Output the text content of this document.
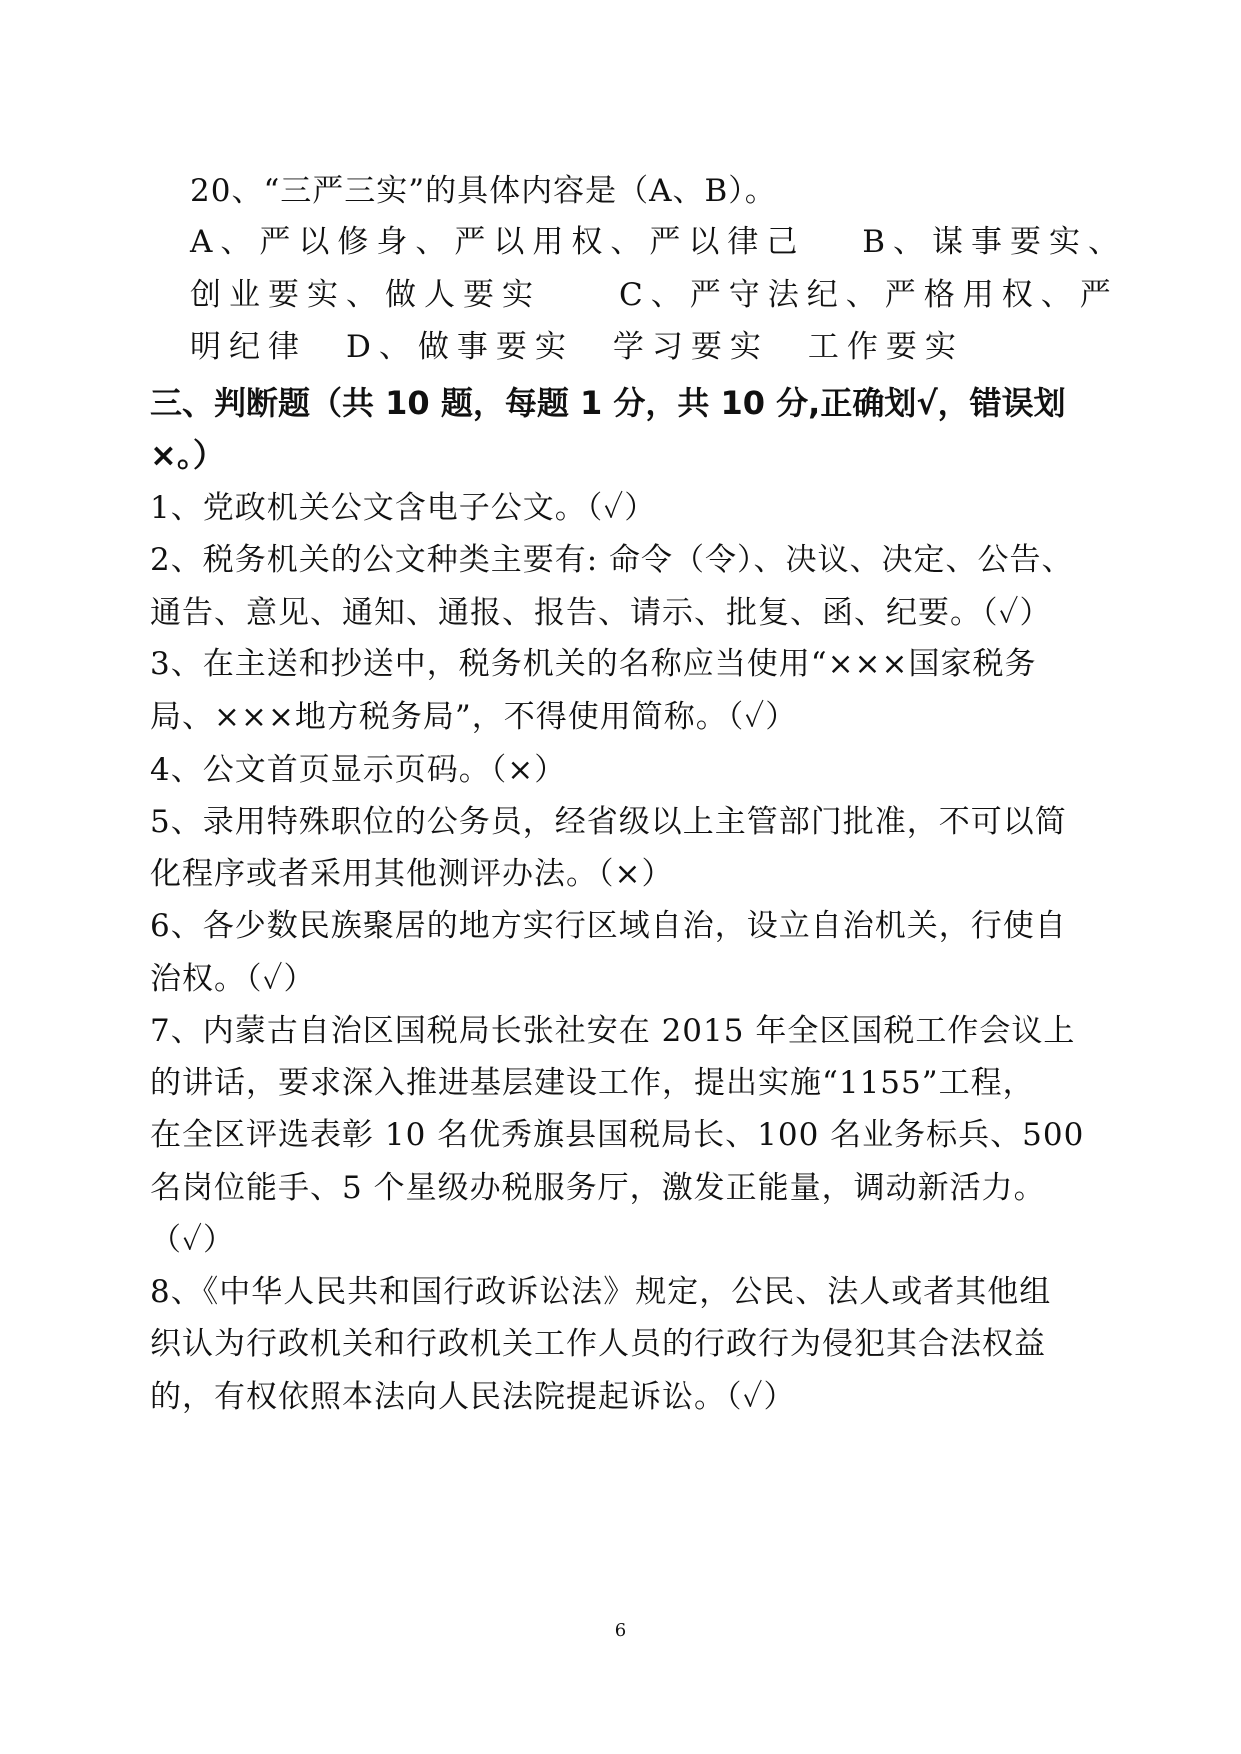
20、“三严三实”的具体内容是（A、B）。
A、严以修身、严以用权、严以律己　 B、谋事要实、
创业要实、做人要实　　C、严守法纪、严格用权、严
明纪律　D、做事要实　学习要实　工作要实
三、判断题（共 10 题，每题 1 分，共 10 分,正确划√，错误划
×。）
1、党政机关公文含电子公文。（✓）
2、税务机关的公文种类主要有: 命令（令）、决议、决定、公告、
通告、意见、通知、通报、报告、请示、批复、函、纪要。（✓）
3、在主送和抄送中，税务机关的名称应当使用“×××国家税务
局、×××地方税务局”，不得使用简称。（✓）
4、公文首页显示页码。（×）
5、录用特殊职位的公务员，经省级以上主管部门批准，不可以简
化程序或者采用其他测评办法。（×）
6、各少数民族聚居的地方实行区域自治，设立自治机关，行使自
治权。（✓）
7、内蒙古自治区国税局长张社安在 2015 年全区国税工作会议上
的讲话，要求深入推进基层建设工作，提出实施“1155”工程，
在全区评选表彰 10 名优秀旗县国税局长、100 名业务标兵、500
名岗位能手、5 个星级办税服务厅，激发正能量，调动新活力。
（✓）
8、《中华人民共和国行政诉讼法》规定，公民、法人或者其他组
织认为行政机关和行政机关工作人员的行政行为侵犯其合法权益
的，有权依照本法向人民法院提起诉讼。（✓）
6
